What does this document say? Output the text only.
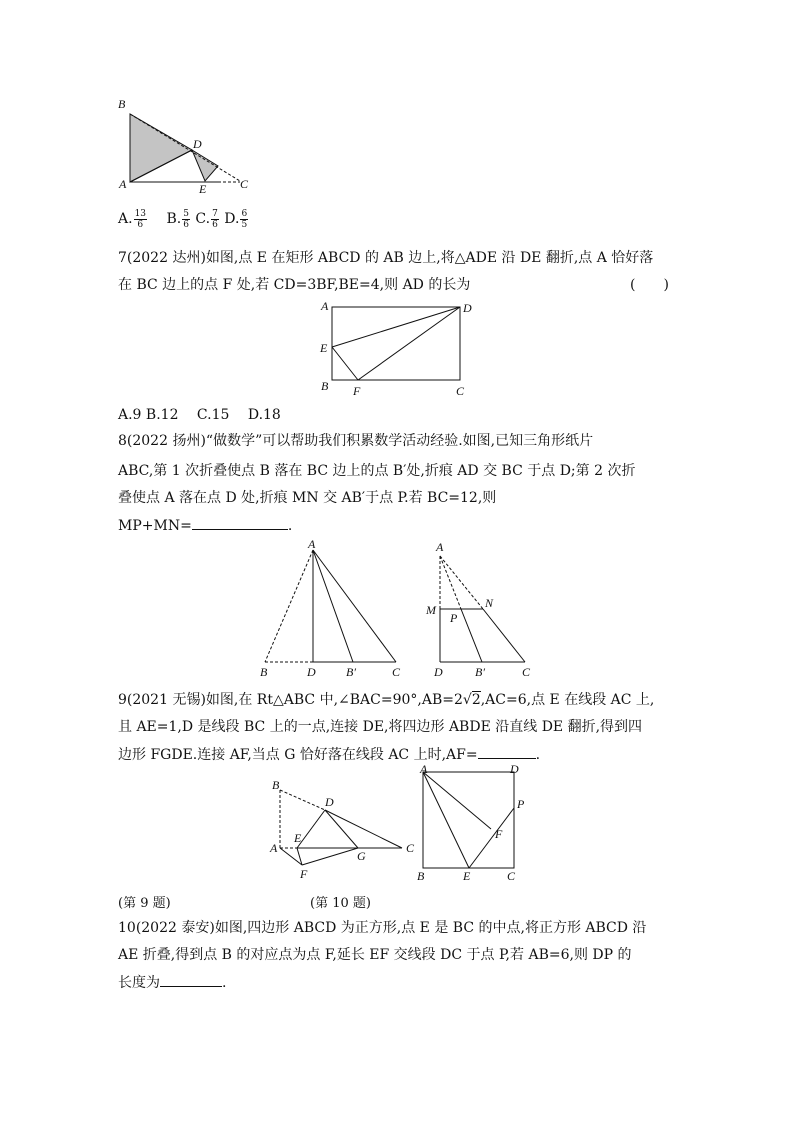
B
D
A	E	C
A. $\frac{13}{6} B$. $\frac{5}{6} C$. $\frac{7}{6} D$. $\frac{6}{5}$
7(2022 达州)如图,点 E 在矩形 ABCD 的 AB 边上,将△ADE 沿 DE 翻折,点 A 恰好落
在 BC 边上的点 F 处,若 CD=3BF,BE=4,则 AD 的长为	(　　)
A	D
E
B F	C
A.9 B.12　 C.15　 D.18
8(2022 扬州)“做数学”可以帮助我们积累数学活动经验.如图,已知三角形纸片
ABC,第 1 次折叠使点 B 落在 BC 边上的点 B′处,折痕 AD 交 BC 于点 D;第 2 次折
叠使点 A 落在点 D 处,折痕 MN 交 AB′于点 P.若 BC=12,则
MP+MN=	.
A
B	D	B′	C
A
M	N
P
D	B′	C
9(2021 无锡)如图,在 Rt△ABC 中,∠BAC=90°,AB=2√2,AC=6,点 E 在线段 AC 上,
且 AE=1,D 是线段 BC 上的一点,连接 DE,将四边形 ABDE 沿直线 DE 翻折,得到四
边形 FGDE.连接 AF,当点 G 恰好落在线段 AC 上时,AF=	.
B
D
E
A
G
C
F
A	D
P
F
B	E	C
(第 9 题)	(第 10 题)
10(2022 泰安)如图,四边形 ABCD 为正方形,点 E 是 BC 的中点,将正方形 ABCD 沿
AE 折叠,得到点 B 的对应点为点 F,延长 EF 交线段 DC 于点 P,若 AB=6,则 DP 的
长度为	.
